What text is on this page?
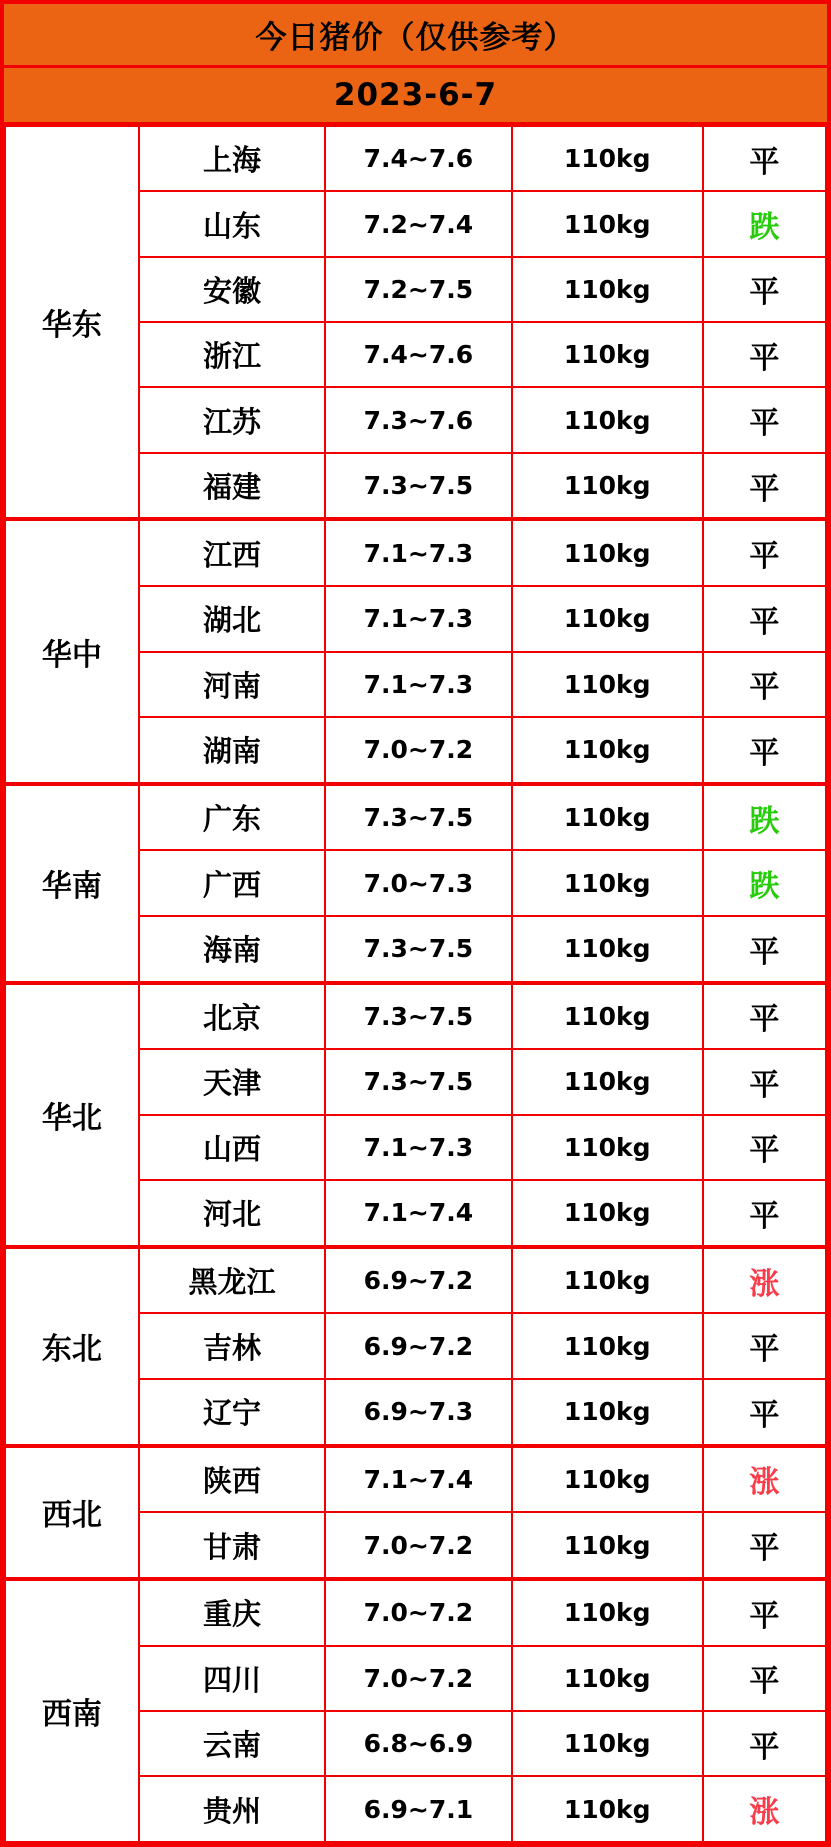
今日猪价（仅供参考）
2023-6-7
华东	上海	7.4~7.6	110kg	平
	山东	7.2~7.4	110kg	跌
	安徽	7.2~7.5	110kg	平
	浙江	7.4~7.6	110kg	平
	江苏	7.3~7.6	110kg	平
	福建	7.3~7.5	110kg	平
华中	江西	7.1~7.3	110kg	平
	湖北	7.1~7.3	110kg	平
	河南	7.1~7.3	110kg	平
	湖南	7.0~7.2	110kg	平
华南	广东	7.3~7.5	110kg	跌
	广西	7.0~7.3	110kg	跌
	海南	7.3~7.5	110kg	平
华北	北京	7.3~7.5	110kg	平
	天津	7.3~7.5	110kg	平
	山西	7.1~7.3	110kg	平
	河北	7.1~7.4	110kg	平
东北	黑龙江	6.9~7.2	110kg	涨
	吉林	6.9~7.2	110kg	平
	辽宁	6.9~7.3	110kg	平
西北	陕西	7.1~7.4	110kg	涨
	甘肃	7.0~7.2	110kg	平
西南	重庆	7.0~7.2	110kg	平
	四川	7.0~7.2	110kg	平
	云南	6.8~6.9	110kg	平
	贵州	6.9~7.1	110kg	涨
